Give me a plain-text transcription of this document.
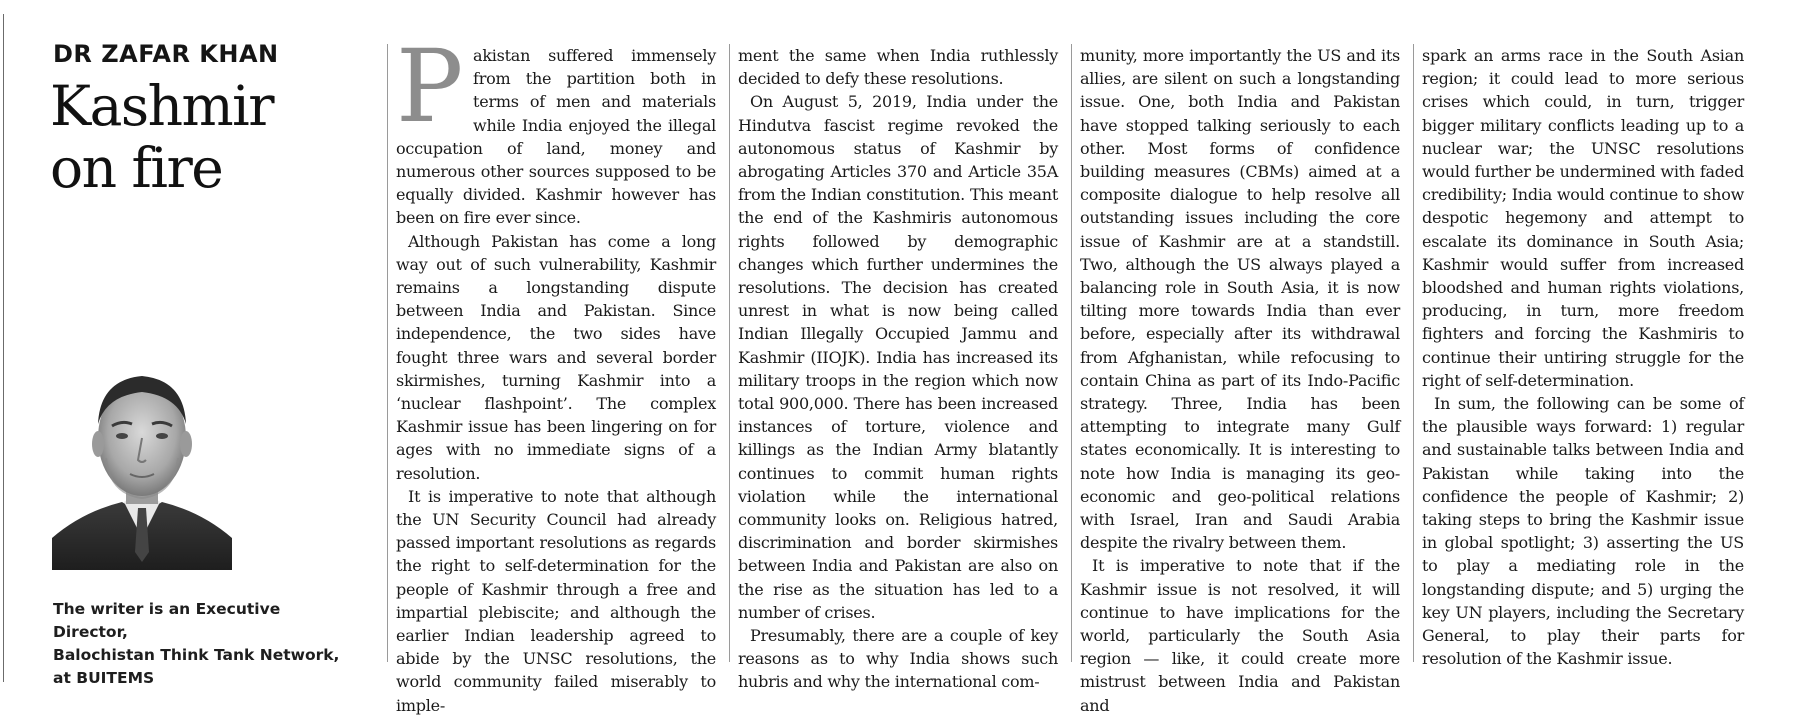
DR ZAFAR KHAN
Kashmir
on fire

The writer is an Executive Director,
Balochistan Think Tank Network,
at BUITEMS

Pakistan suffered immensely from the partition both in terms of men and materials while India enjoyed the illegal occupation of land, money and numerous other sources supposed to be equally divided. Kashmir however has been on fire ever since.

Although Pakistan has come a long way out of such vulnerability, Kashmir remains a longstanding dispute between India and Pakistan. Since independence, the two sides have fought three wars and several border skirmishes, turning Kashmir into a ‘nuclear flashpoint’. The complex Kashmir issue has been lingering on for ages with no immediate signs of a resolution.

It is imperative to note that although the UN Security Council had already passed important resolutions as regards the right to self-determination for the people of Kashmir through a free and impartial plebiscite; and although the earlier Indian leadership agreed to abide by the UNSC resolutions, the world community failed miserably to imple-

ment the same when India ruthlessly decided to defy these resolutions.

On August 5, 2019, India under the Hindutva fascist regime revoked the autonomous status of Kashmir by abrogating Articles 370 and Article 35A from the Indian constitution. This meant the end of the Kashmiris autonomous rights followed by demographic changes which further undermines the resolutions. The decision has created unrest in what is now being called Indian Illegally Occupied Jammu and Kashmir (IIOJK). India has increased its military troops in the region which now total 900,000. There has been increased instances of torture, violence and killings as the Indian Army blatantly continues to commit human rights violation while the international community looks on. Religious hatred, discrimination and border skirmishes between India and Pakistan are also on the rise as the situation has led to a number of crises.

Presumably, there are a couple of key reasons as to why India shows such hubris and why the international com-

munity, more importantly the US and its allies, are silent on such a longstanding issue. One, both India and Pakistan have stopped talking seriously to each other. Most forms of confidence building measures (CBMs) aimed at a composite dialogue to help resolve all outstanding issues including the core issue of Kashmir are at a standstill. Two, although the US always played a balancing role in South Asia, it is now tilting more towards India than ever before, especially after its withdrawal from Afghanistan, while refocusing to contain China as part of its Indo-Pacific strategy. Three, India has been attempting to integrate many Gulf states economically. It is interesting to note how India is managing its geo-economic and geo-political relations with Israel, Iran and Saudi Arabia despite the rivalry between them.

It is imperative to note that if the Kashmir issue is not resolved, it will continue to have implications for the world, particularly the South Asia region — like, it could create more mistrust between India and Pakistan and

spark an arms race in the South Asian region; it could lead to more serious crises which could, in turn, trigger bigger military conflicts leading up to a nuclear war; the UNSC resolutions would further be undermined with faded credibility; India would continue to show despotic hegemony and attempt to escalate its dominance in South Asia; Kashmir would suffer from increased bloodshed and human rights violations, producing, in turn, more freedom fighters and forcing the Kashmiris to continue their untiring struggle for the right of self-determination.

In sum, the following can be some of the plausible ways forward: 1) regular and sustainable talks between India and Pakistan while taking into the confidence the people of Kashmir; 2) taking steps to bring the Kashmir issue in global spotlight; 3) asserting the US to play a mediating role in the longstanding dispute; and 5) urging the key UN players, including the Secretary General, to play their parts for resolution of the Kashmir issue.
